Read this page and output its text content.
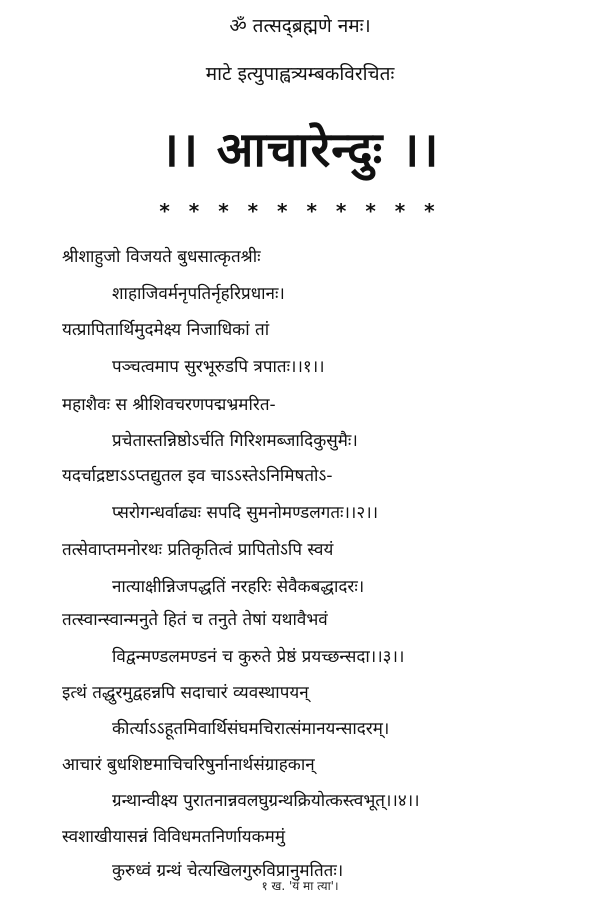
ॐ तत्सद्‌ब्रह्मणे नमः।
माटे इत्युपाह्वत्र्यम्बकविरचितः
।। आचारेन्दुः ।।
* * * * * * * * * *
श्रीशाहुजो विजयते बुधसात्कृतश्रीः
शाहाजिवर्मनृपतिर्नृहरिप्रधानः।
यत्प्रापितार्थिमुदमेक्ष्य निजाधिकां तां
पञ्चत्वमाप सुरभूरुडपि त्रपातः।।१।।
महाशैवः स श्रीशिवचरणपद्मभ्रमरित-
प्रचेतास्तन्निष्ठोऽर्चति गिरिशमब्जादिकुसुमैः।
यदर्चाद्रष्टाऽऽप्तद्युतल इव चाऽऽस्तेऽनिमिषतोऽ-
प्सरोगन्धर्वाढ्यः सपदि सुमनोमण्डलगतः।।२।।
तत्सेवाप्तमनोरथः प्रतिकृतित्वं प्रापितोऽपि स्वयं
नात्याक्षीन्निजपद्धतिं नरहरिः सेवैकबद्धादरः।
तत्स्वान्स्वान्मनुते हितं च तनुते तेषां यथावैभवं
विद्वन्मण्डलमण्डनं च कुरुते प्रेष्ठं प्रयच्छन्सदा।।३।।
इत्थं तद्धुरमुद्वहन्नपि सदाचारं व्यवस्थापयन्
कीर्त्याऽऽहूतमिवार्थिसंघमचिरात्संमानयन्सादरम्।
आचारं बुधशिष्टमाचिचरिषुर्नानार्थसंग्राहकान्
ग्रन्थान्वीक्ष्य पुरातनान्नवलघुग्रन्थक्रियोत्कस्त्वभूत्।।४।।
स्वशाखीयासन्नं विविधमतनिर्णायकममुं
कुरुध्वं ग्रन्थं चेत्यखिलगुरुविप्रानुमतितः।
१ ख. 'यं मा त्या'।
